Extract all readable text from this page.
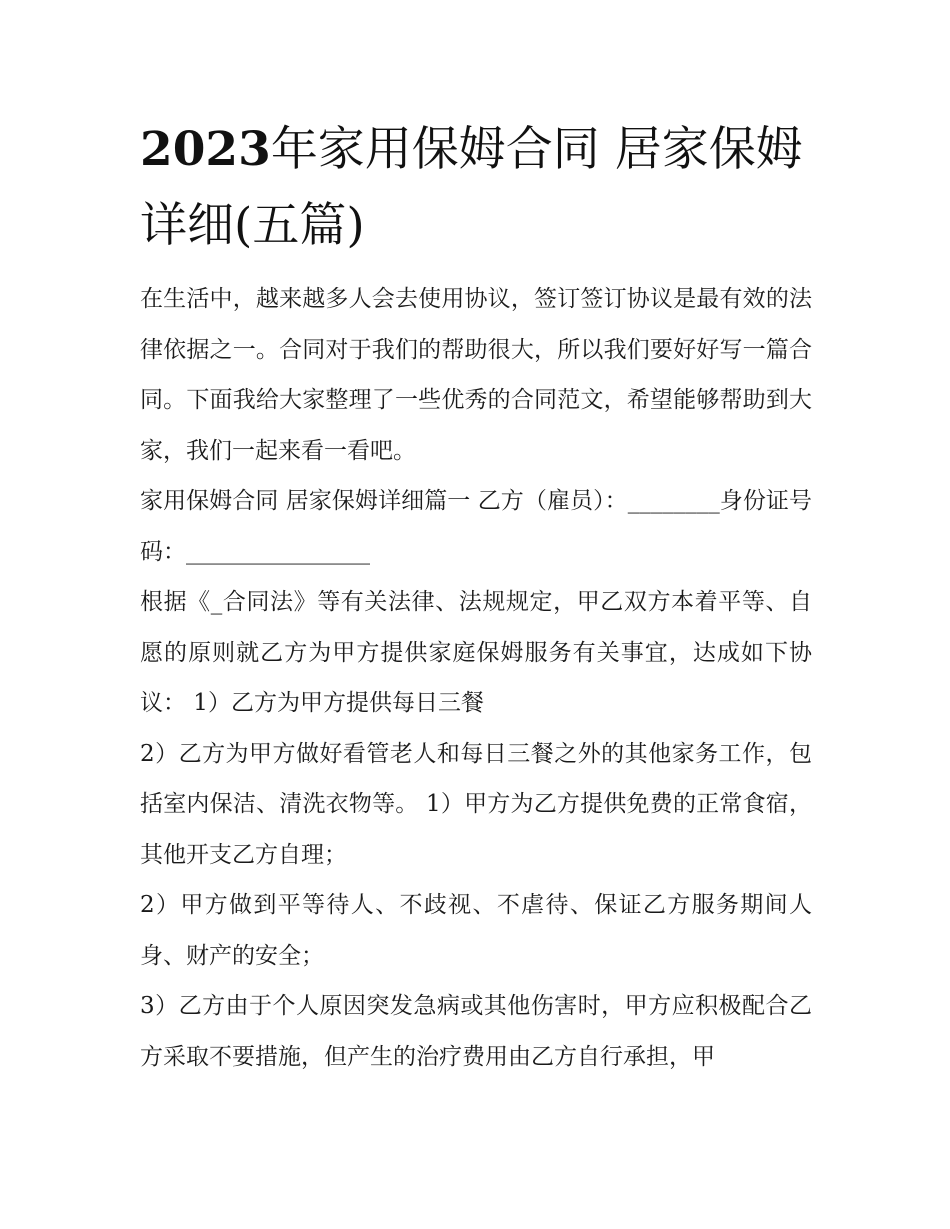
2023年家用保姆合同 居家保姆详细(五篇)

在生活中，越来越多人会去使用协议，签订签订协议是最有效的法律依据之一。合同对于我们的帮助很大，所以我们要好好写一篇合同。下面我给大家整理了一些优秀的合同范文，希望能够帮助到大家，我们一起来看一看吧。

家用保姆合同 居家保姆详细篇一 乙方（雇员）：________身份证号码：________________

根据《_合同法》等有关法律、法规规定，甲乙双方本着平等、自愿的原则就乙方为甲方提供家庭保姆服务有关事宜，达成如下协议： 1）乙方为甲方提供每日三餐

2）乙方为甲方做好看管老人和每日三餐之外的其他家务工作，包括室内保洁、清洗衣物等。 1）甲方为乙方提供免费的正常食宿，其他开支乙方自理；

2）甲方做到平等待人、不歧视、不虐待、保证乙方服务期间人身、财产的安全；

3）乙方由于个人原因突发急病或其他伤害时，甲方应积极配合乙方采取不要措施，但产生的治疗费用由乙方自行承担，甲
